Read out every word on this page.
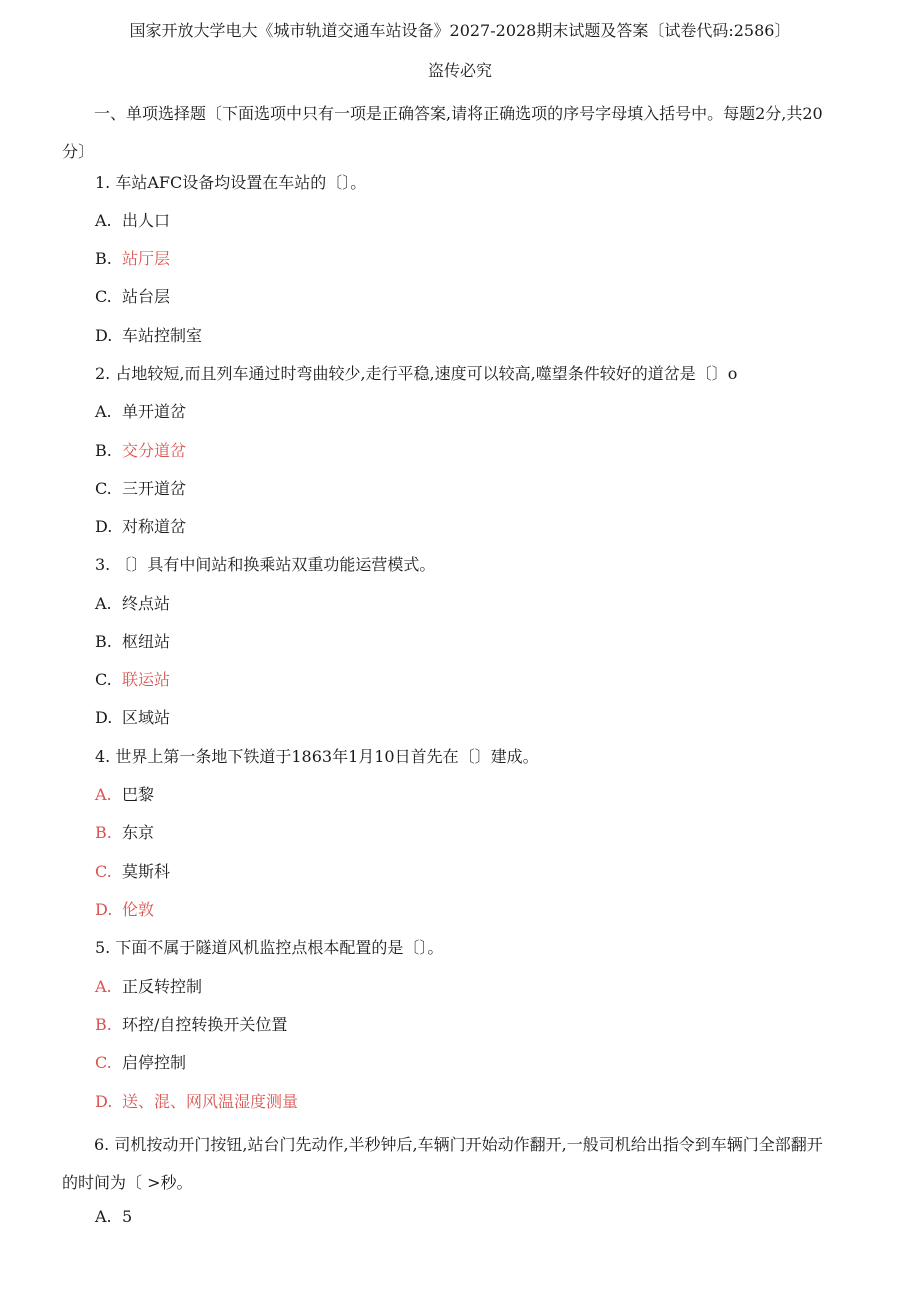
国家开放大学电大《城市轨道交通车站设备》2027-2028期末试题及答案〔试卷代码:2586〕
盗传必究
一、单项选择题〔下面选项中只有一项是正确答案,请将正确选项的序号字母填入括号中。每题2分,共20分〕
1. 车站AFC设备均设置在车站的〔〕。
A. 出人口
B. 站厅层
C. 站台层
D. 车站控制室
2. 占地较短,而且列车通过时弯曲较少,走行平稳,速度可以较高,噬望条件较好的道岔是〔〕o
A. 单开道岔
B. 交分道岔
C. 三开道岔
D. 对称道岔
3. 〔〕具有中间站和换乘站双重功能运营模式。
A. 终点站
B. 枢纽站
C. 联运站
D. 区域站
4. 世界上第一条地下铁道于1863年1月10日首先在〔〕建成。
A. 巴黎
B. 东京
C. 莫斯科
D. 伦敦
5. 下面不属于隧道风机监控点根本配置的是〔〕。
A. 正反转控制
B. 环控/自控转换开关位置
C. 启停控制
D. 送、混、网风温湿度测量
6. 司机按动开门按钮,站台门先动作,半秒钟后,车辆门开始动作翻开,一般司机给出指令到车辆门全部翻开的时间为〔 >秒。
A. 5
